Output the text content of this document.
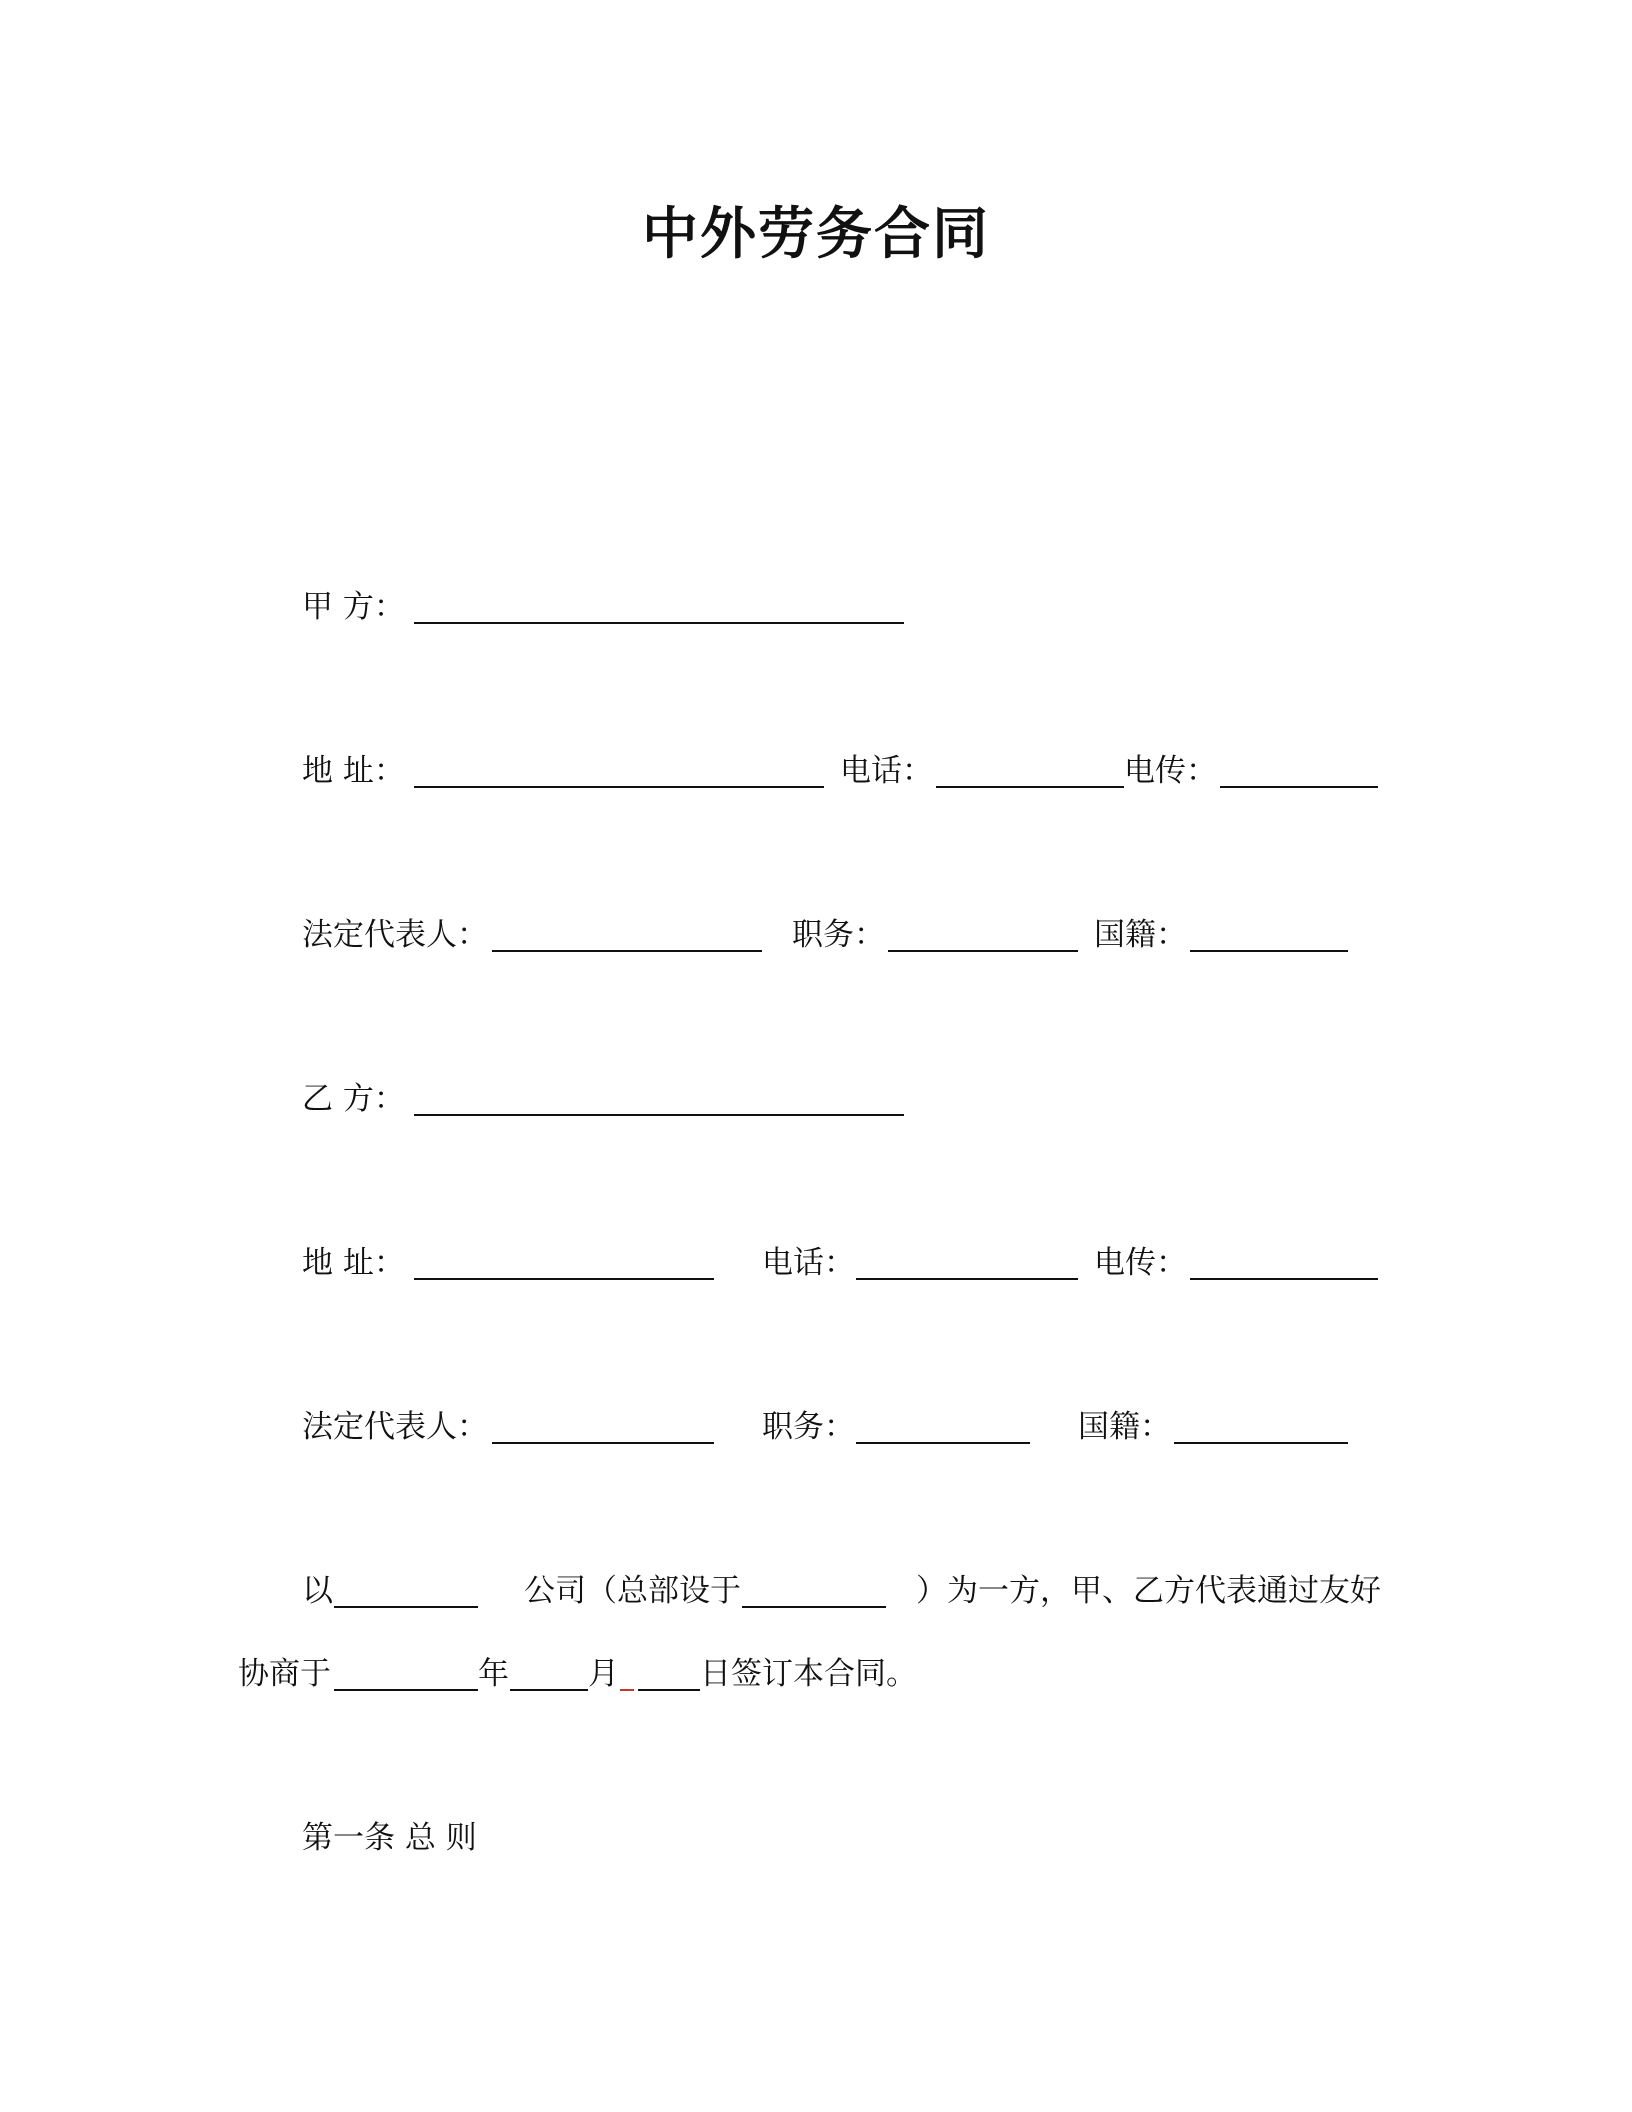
中外劳务合同
甲 方：
地 址：	电话：	电传：
法定代表人：	职务：	国籍：
乙 方：
地 址：	电话：	电传：
法定代表人：	职务：	国籍：
以	公司（总部设于	）为一方，甲、乙方代表通过友好
协商于	年	月	日签订本合同。
第一条 总 则
